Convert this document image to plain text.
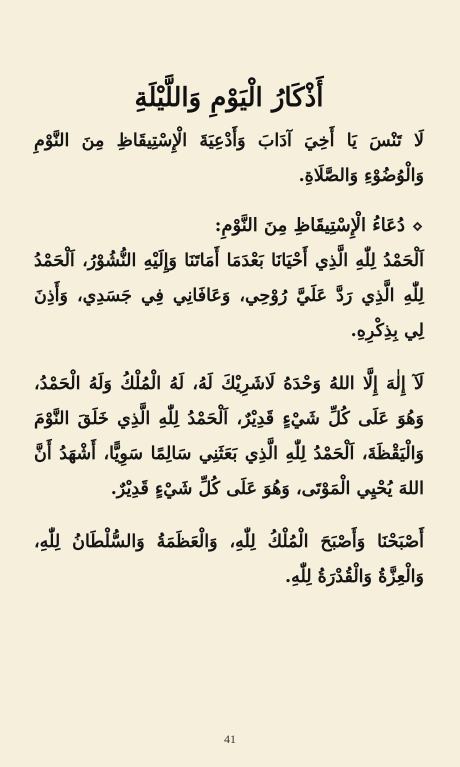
أَذْكَارُ الْيَوْمِ وَاللَّيْلَةِ

لَا تَنْسَ يَا أَخِيَ آدَابَ وَأَدْعِيَةَ الْإِسْتِيقَاظِ مِنَ النَّوْمِ وَالْوُضُوْءِ وَالصَّلَاةِ.

دُعَاءُ الْإِسْتِيقَاظِ مِنَ النَّوْمِ:

اَلْحَمْدُ لِلّٰهِ الَّذِي أَحْيَانَا بَعْدَمَا أَمَاتَنَا وَإِلَيْهِ النُّشُوْرُ، اَلْحَمْدُ لِلّٰهِ الَّذِي رَدَّ عَلَيَّ رُوْحِي، وَعَافَانِي فِي جَسَدِي، وَأَذِنَ لِي بِذِكْرِهِ.

لَآ إِلٰهَ إِلَّا اللهُ وَحْدَهُ لَاشَرِيْكَ لَهُ، لَهُ الْمُلْكُ وَلَهُ الْحَمْدُ، وَهُوَ عَلَى كُلِّ شَيْءٍ قَدِيْرٌ، اَلْحَمْدُ لِلّٰهِ الَّذِي خَلَقَ النَّوْمَ وَالْيَقْظَةَ، اَلْحَمْدُ لِلّٰهِ الَّذِي بَعَثَنِي سَالِمًا سَوِيًّا، أَشْهَدُ أَنَّ اللهَ يُحْيِي الْمَوْتَى، وَهُوَ عَلَى كُلِّ شَيْءٍ قَدِيْرٌ.

أَصْبَحْنَا وَأَصْبَحَ الْمُلْكُ لِلّٰهِ، وَالْعَظَمَةُ وَالسُّلْطَانُ لِلّٰهِ، وَالْعِزَّةُ وَالْقُدْرَةُ لِلّٰهِ.

41
